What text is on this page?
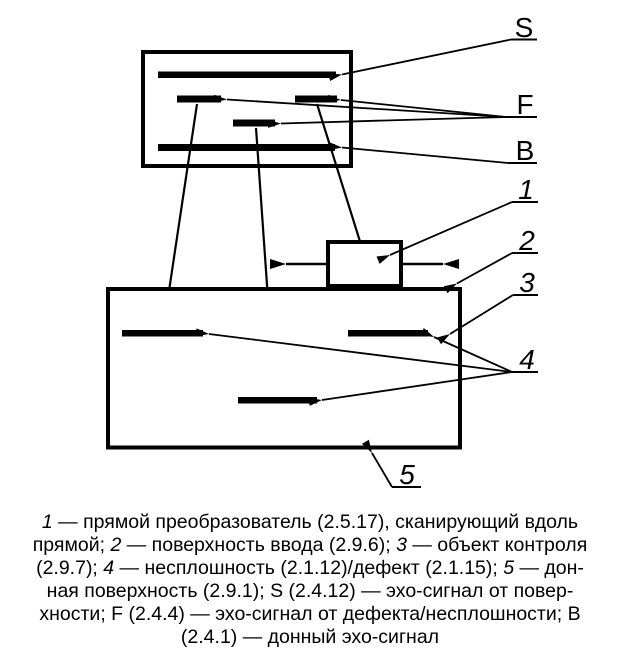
S
F
B
1
2
3
4
5
1 — прямой преобразователь (2.5.17), сканирующий вдоль
прямой; 2 — поверхность ввода (2.9.6); 3 — объект контроля
(2.9.7); 4 — несплошность (2.1.12)/дефект (2.1.15); 5 — дон-
ная поверхность (2.9.1); S (2.4.12) — эхо-сигнал от повер-
хности; F (2.4.4) — эхо-сигнал от дефекта/несплошности; B
(2.4.1) — донный эхо-сигнал
